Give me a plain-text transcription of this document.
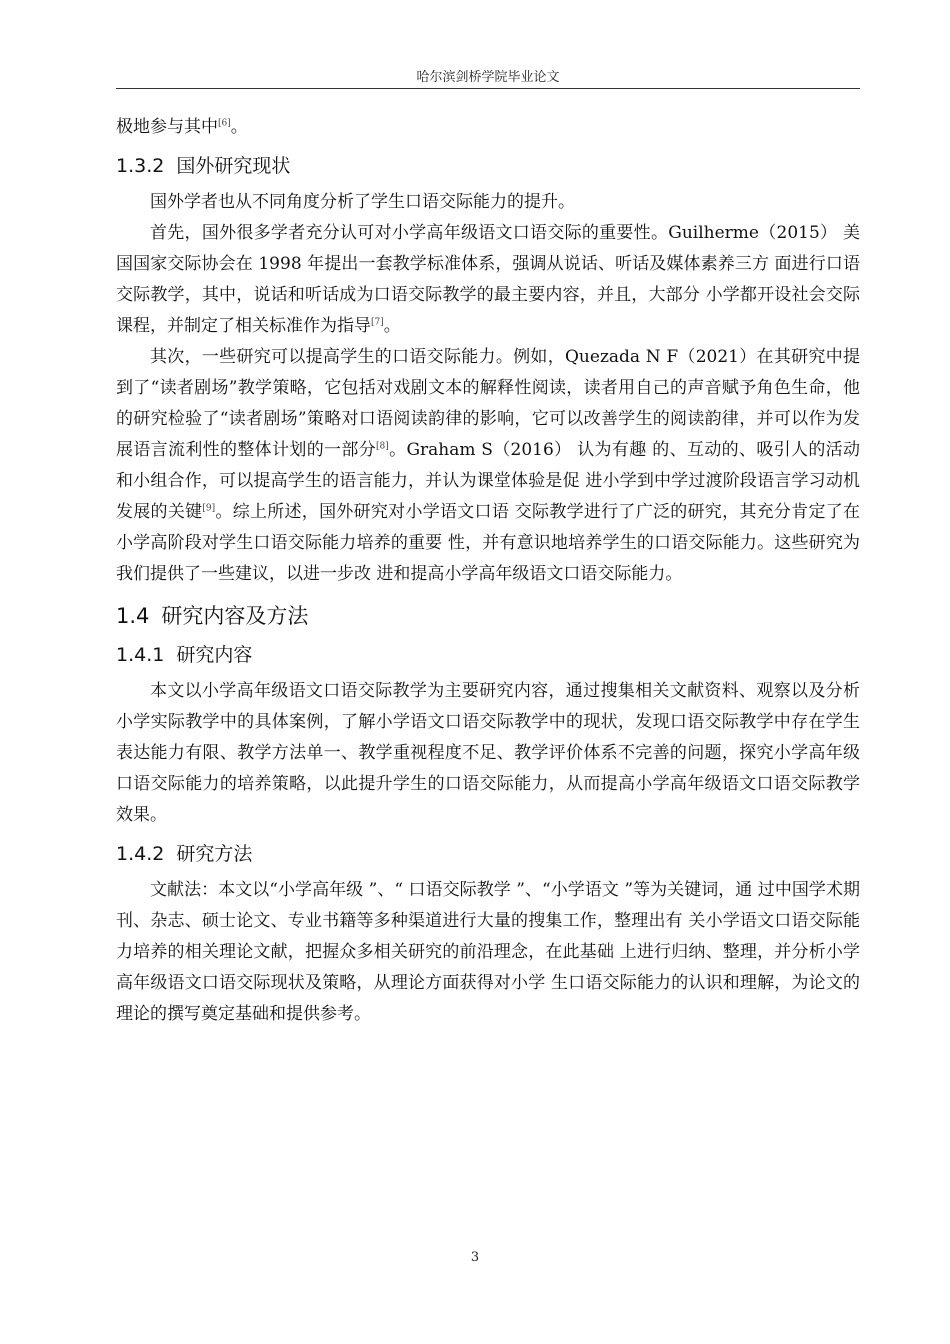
哈尔滨剑桥学院毕业论文

极地参与其中[6]。

1.3.2 国外研究现状

国外学者也从不同角度分析了学生口语交际能力的提升。

首先，国外很多学者充分认可对小学高年级语文口语交际的重要性。Guilherme（2015） 美国国家交际协会在 1998 年提出一套教学标准体系，强调从说话、听话及媒体素养三方 面进行口语交际教学，其中，说话和听话成为口语交际教学的最主要内容，并且，大部分 小学都开设社会交际课程，并制定了相关标准作为指导[7]。

其次，一些研究可以提高学生的口语交际能力。例如，Quezada N F（2021）在其研究中提到了“读者剧场”教学策略，它包括对戏剧文本的解释性阅读，读者用自己的声音赋予角色生命，他的研究检验了“读者剧场”策略对口语阅读韵律的影响，它可以改善学生的阅读韵律，并可以作为发展语言流利性的整体计划的一部分[8]。Graham S（2016） 认为有趣 的、互动的、吸引人的活动和小组合作，可以提高学生的语言能力，并认为课堂体验是促 进小学到中学过渡阶段语言学习动机发展的关键[9]。综上所述，国外研究对小学语文口语 交际教学进行了广泛的研究，其充分肯定了在小学高阶段对学生口语交际能力培养的重要 性，并有意识地培养学生的口语交际能力。这些研究为我们提供了一些建议，以进一步改 进和提高小学高年级语文口语交际能力。

1.4 研究内容及方法
1.4.1 研究内容

本文以小学高年级语文口语交际教学为主要研究内容，通过搜集相关文献资料、观察以及分析小学实际教学中的具体案例，了解小学语文口语交际教学中的现状，发现口语交际教学中存在学生表达能力有限、教学方法单一、教学重视程度不足、教学评价体系不完善的问题，探究小学高年级口语交际能力的培养策略，以此提升学生的口语交际能力，从而提高小学高年级语文口语交际教学效果。

1.4.2 研究方法

文献法：本文以“小学高年级 ”、“ 口语交际教学 ”、“小学语文 ”等为关键词，通 过中国学术期刊、杂志、硕士论文、专业书籍等多种渠道进行大量的搜集工作，整理出有 关小学语文口语交际能力培养的相关理论文献，把握众多相关研究的前沿理念，在此基础 上进行归纳、整理，并分析小学高年级语文口语交际现状及策略，从理论方面获得对小学 生口语交际能力的认识和理解，为论文的理论的撰写奠定基础和提供参考。

3
